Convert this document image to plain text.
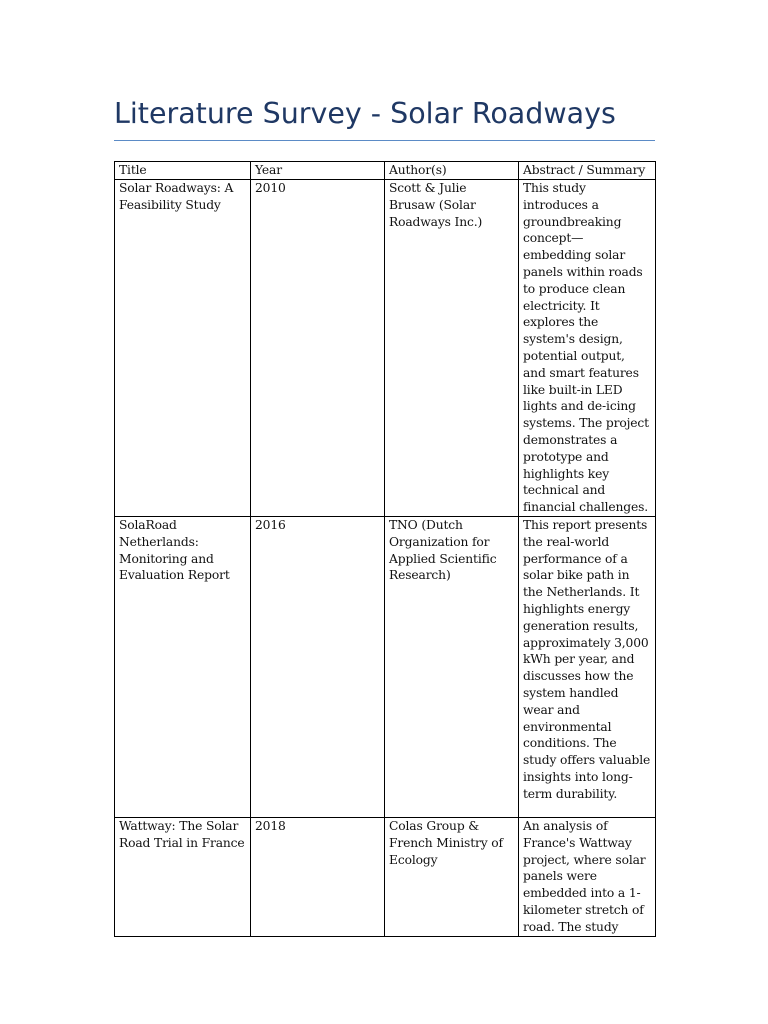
Literature Survey - Solar Roadways
Title	Year	Author(s)	Abstract / Summary
Solar Roadways: A Feasibility Study	2010	Scott & Julie Brusaw (Solar Roadways Inc.)	This study introduces a groundbreaking concept—embedding solar panels within roads to produce clean electricity. It explores the system's design, potential output, and smart features like built-in LED lights and de-icing systems. The project demonstrates a prototype and highlights key technical and financial challenges.
SolaRoad Netherlands: Monitoring and Evaluation Report	2016	TNO (Dutch Organization for Applied Scientific Research)	This report presents the real-world performance of a solar bike path in the Netherlands. It highlights energy generation results, approximately 3,000 kWh per year, and discusses how the system handled wear and environmental conditions. The study offers valuable insights into long-term durability.
Wattway: The Solar Road Trial in France	2018	Colas Group & French Ministry of Ecology	An analysis of France's Wattway project, where solar panels were embedded into a 1-kilometer stretch of road. The study
